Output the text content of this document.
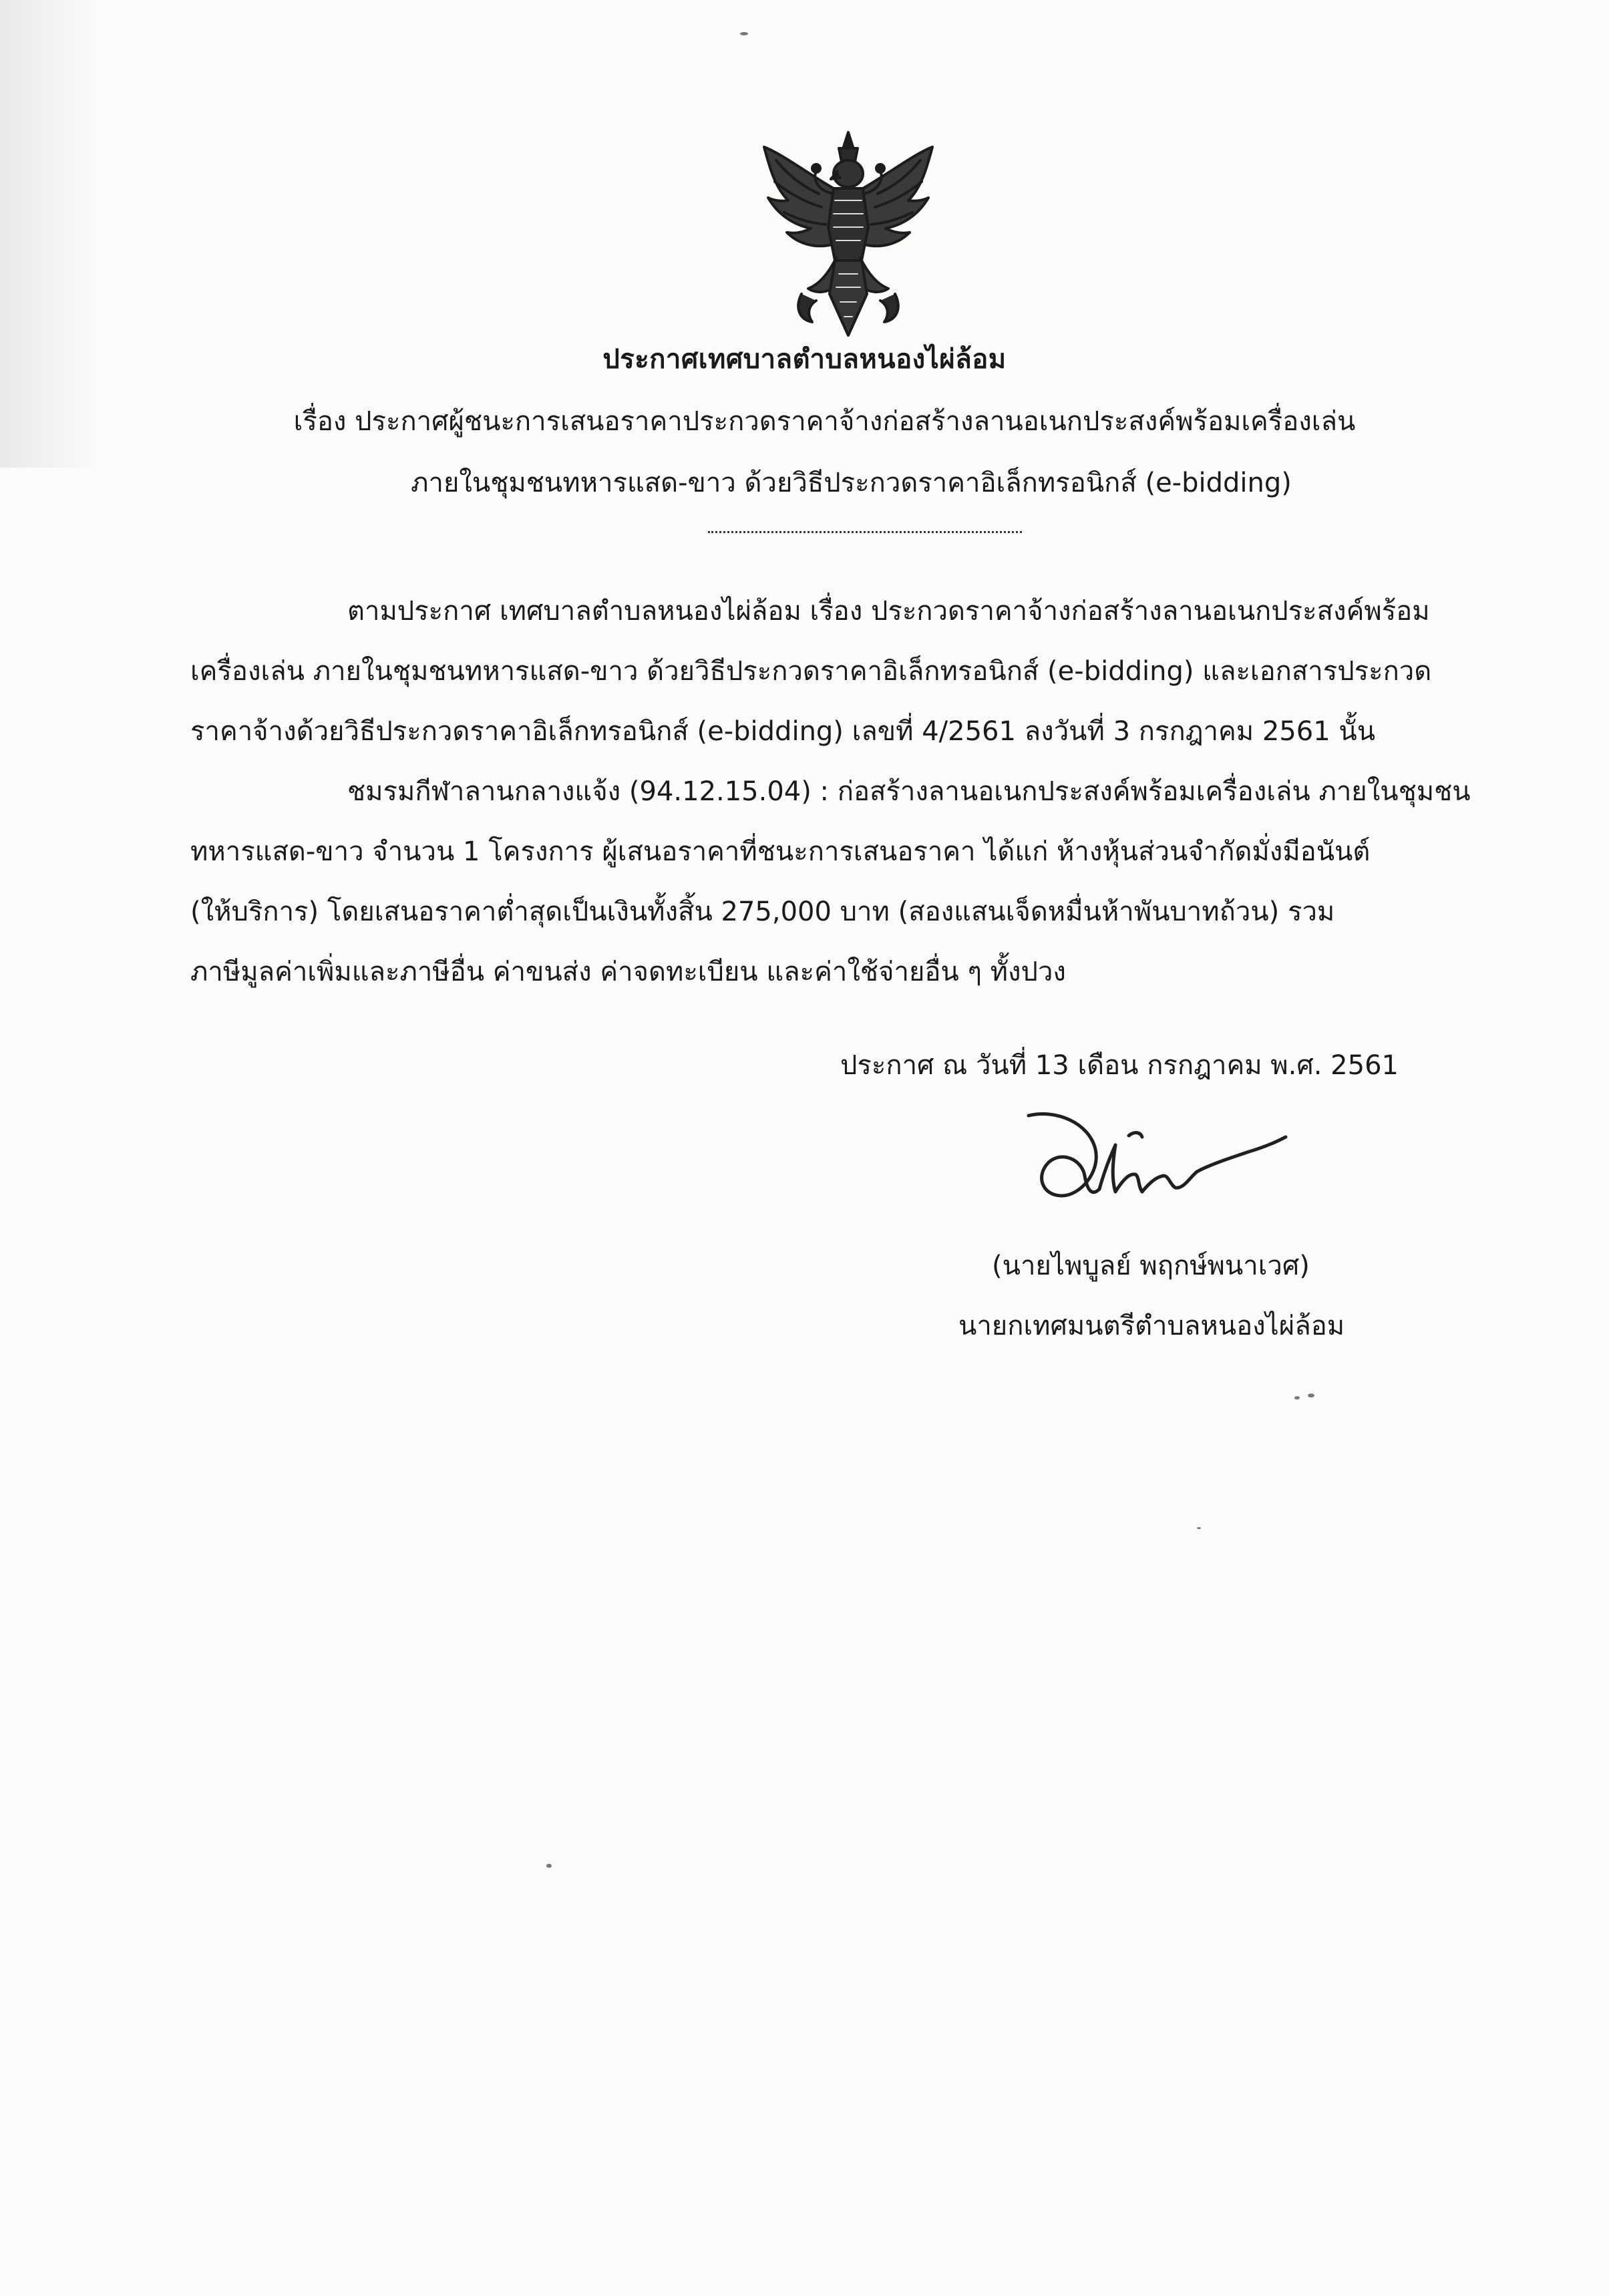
ประกาศเทศบาลตำบลหนองไผ่ล้อม
เรื่อง ประกาศผู้ชนะการเสนอราคาประกวดราคาจ้างก่อสร้างลานอเนกประสงค์พร้อมเครื่องเล่น
ภายในชุมชนทหารแสด-ขาว ด้วยวิธีประกวดราคาอิเล็กทรอนิกส์ (e-bidding)
ตามประกาศ เทศบาลตำบลหนองไผ่ล้อม เรื่อง ประกวดราคาจ้างก่อสร้างลานอเนกประสงค์พร้อม
เครื่องเล่น ภายในชุมชนทหารแสด-ขาว ด้วยวิธีประกวดราคาอิเล็กทรอนิกส์ (e-bidding) และเอกสารประกวด
ราคาจ้างด้วยวิธีประกวดราคาอิเล็กทรอนิกส์ (e-bidding) เลขที่ 4/2561 ลงวันที่ 3 กรกฎาคม 2561 นั้น
ชมรมกีฬาลานกลางแจ้ง (94.12.15.04) : ก่อสร้างลานอเนกประสงค์พร้อมเครื่องเล่น ภายในชุมชน
ทหารแสด-ขาว จำนวน 1 โครงการ ผู้เสนอราคาที่ชนะการเสนอราคา ได้แก่ ห้างหุ้นส่วนจำกัดมั่งมีอนันต์
(ให้บริการ) โดยเสนอราคาต่ำสุดเป็นเงินทั้งสิ้น 275,000 บาท (สองแสนเจ็ดหมื่นห้าพันบาทถ้วน) รวม
ภาษีมูลค่าเพิ่มและภาษีอื่น ค่าขนส่ง ค่าจดทะเบียน และค่าใช้จ่ายอื่น ๆ ทั้งปวง
ประกาศ ณ วันที่ 13 เดือน กรกฎาคม พ.ศ. 2561
(นายไพบูลย์ พฤกษ์พนาเวศ)
นายกเทศมนตรีตำบลหนองไผ่ล้อม
